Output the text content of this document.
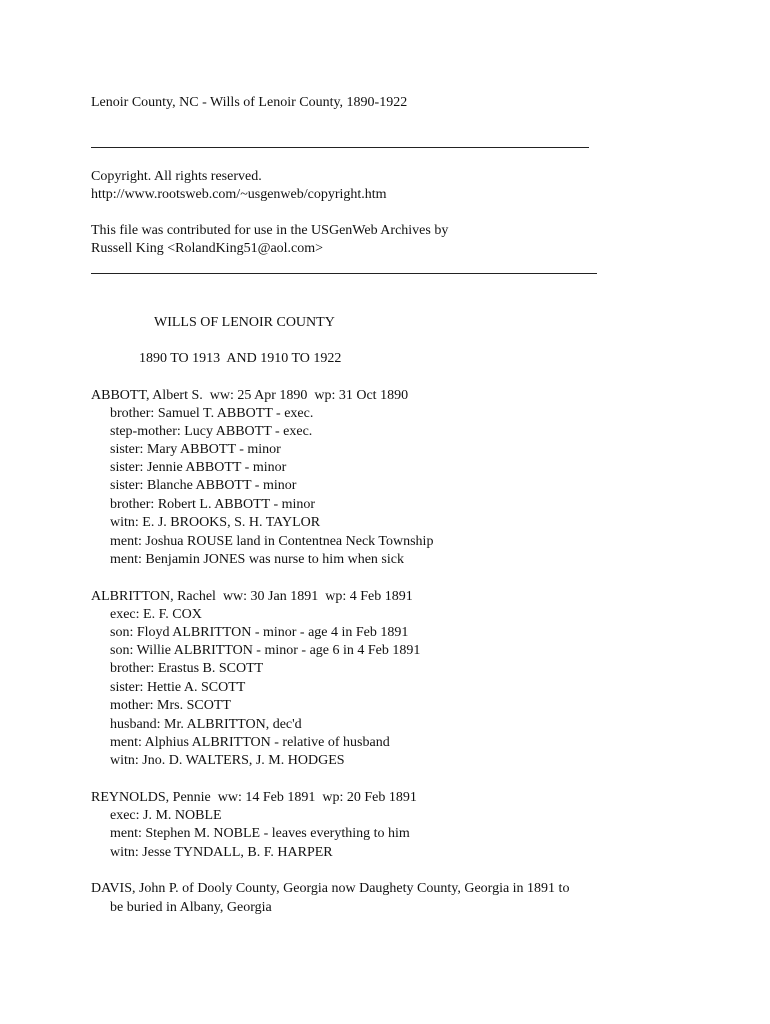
Lenoir County, NC - Wills of Lenoir County, 1890-1922
Copyright. All rights reserved.
http://www.rootsweb.com/~usgenweb/copyright.htm
This file was contributed for use in the USGenWeb Archives by
Russell King <RolandKing51@aol.com>
WILLS OF LENOIR COUNTY
1890 TO 1913  AND 1910 TO 1922
ABBOTT, Albert S.  ww: 25 Apr 1890  wp: 31 Oct 1890
brother: Samuel T. ABBOTT - exec.
step-mother: Lucy ABBOTT - exec.
sister: Mary ABBOTT - minor
sister: Jennie ABBOTT - minor
sister: Blanche ABBOTT - minor
brother: Robert L. ABBOTT - minor
witn: E. J. BROOKS, S. H. TAYLOR
ment: Joshua ROUSE land in Contentnea Neck Township
ment: Benjamin JONES was nurse to him when sick
ALBRITTON, Rachel  ww: 30 Jan 1891  wp: 4 Feb 1891
exec: E. F. COX
son: Floyd ALBRITTON - minor - age 4 in Feb 1891
son: Willie ALBRITTON - minor - age 6 in 4 Feb 1891
brother: Erastus B. SCOTT
sister: Hettie A. SCOTT
mother: Mrs. SCOTT
husband: Mr. ALBRITTON, dec'd
ment: Alphius ALBRITTON - relative of husband
witn: Jno. D. WALTERS, J. M. HODGES
REYNOLDS, Pennie  ww: 14 Feb 1891  wp: 20 Feb 1891
exec: J. M. NOBLE
ment: Stephen M. NOBLE - leaves everything to him
witn: Jesse TYNDALL, B. F. HARPER
DAVIS, John P. of Dooly County, Georgia now Daughety County, Georgia in 1891 to
be buried in Albany, Georgia
